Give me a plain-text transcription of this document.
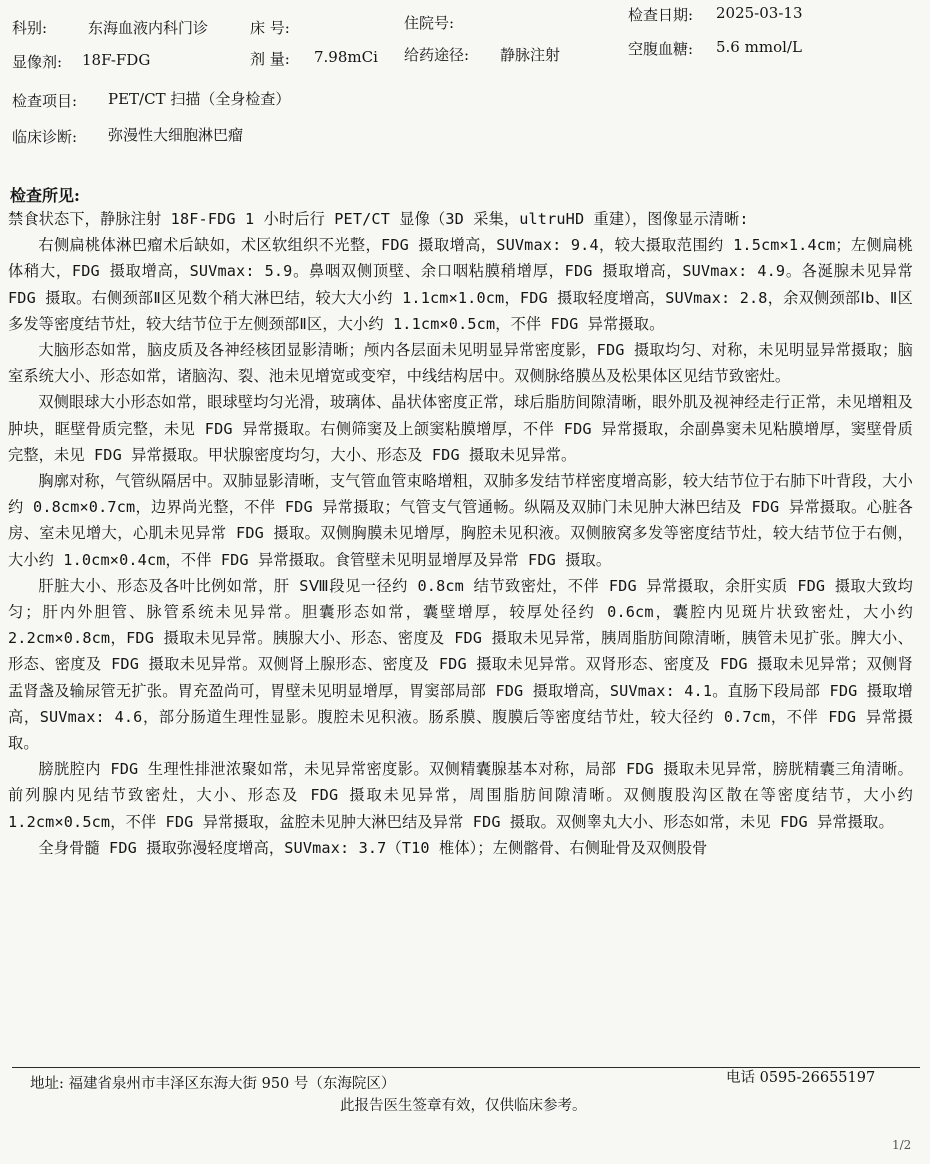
科别:	东海血液内科门诊	床 号:	住院号:	检查日期: 2025-03-13
显像剂: 18F-FDG	剂 量: 7.98mCi 给药途径: 静脉注射	空腹血糖: 5.6 mmol/L
检查项目: PET/CT 扫描（全身检查）
临床诊断: 弥漫性大细胞淋巴瘤
检查所见:

禁食状态下，静脉注射 18F-FDG 1 小时后行 PET/CT 显像（3D 采集，ultruHD 重建），图像显示清晰:

右侧扁桃体淋巴瘤术后缺如，术区软组织不光整，FDG 摄取增高，SUVmax: 9.4，较大摄取范围约 1.5cm×1.4cm；左侧扁桃体稍大，FDG 摄取增高，SUVmax: 5.9。鼻咽双侧顶壁、余口咽粘膜稍增厚，FDG 摄取增高，SUVmax: 4.9。各涎腺未见异常 FDG 摄取。右侧颈部Ⅱ区见数个稍大淋巴结，较大大小约 1.1cm×1.0cm，FDG 摄取轻度增高，SUVmax: 2.8，余双侧颈部Ⅰb、Ⅱ区多发等密度结节灶，较大结节位于左侧颈部Ⅱ区，大小约 1.1cm×0.5cm，不伴 FDG 异常摄取。

大脑形态如常，脑皮质及各神经核团显影清晰；颅内各层面未见明显异常密度影，FDG 摄取均匀、对称，未见明显异常摄取；脑室系统大小、形态如常，诸脑沟、裂、池未见增宽或变窄，中线结构居中。双侧脉络膜丛及松果体区见结节致密灶。

双侧眼球大小形态如常，眼球壁均匀光滑，玻璃体、晶状体密度正常，球后脂肪间隙清晰，眼外肌及视神经走行正常，未见增粗及肿块，眶壁骨质完整，未见 FDG 异常摄取。右侧筛窦及上颌窦粘膜增厚，不伴 FDG 异常摄取，余副鼻窦未见粘膜增厚，窦壁骨质完整，未见 FDG 异常摄取。甲状腺密度均匀，大小、形态及 FDG 摄取未见异常。

胸廓对称，气管纵隔居中。双肺显影清晰，支气管血管束略增粗，双肺多发结节样密度增高影，较大结节位于右肺下叶背段，大小约 0.8cm×0.7cm，边界尚光整，不伴 FDG 异常摄取；气管支气管通畅。纵隔及双肺门未见肿大淋巴结及 FDG 异常摄取。心脏各房、室未见增大，心肌未见异常 FDG 摄取。双侧胸膜未见增厚，胸腔未见积液。双侧腋窝多发等密度结节灶，较大结节位于右侧，大小约 1.0cm×0.4cm，不伴 FDG 异常摄取。食管壁未见明显增厚及异常 FDG 摄取。

肝脏大小、形态及各叶比例如常，肝 SⅧ段见一径约 0.8cm 结节致密灶，不伴 FDG 异常摄取，余肝实质 FDG 摄取大致均匀；肝内外胆管、脉管系统未见异常。胆囊形态如常，囊壁增厚，较厚处径约 0.6cm，囊腔内见斑片状致密灶，大小约 2.2cm×0.8cm，FDG 摄取未见异常。胰腺大小、形态、密度及 FDG 摄取未见异常，胰周脂肪间隙清晰，胰管未见扩张。脾大小、形态、密度及 FDG 摄取未见异常。双侧肾上腺形态、密度及 FDG 摄取未见异常。双肾形态、密度及 FDG 摄取未见异常；双侧肾盂肾盏及输尿管无扩张。胃充盈尚可，胃壁未见明显增厚，胃窦部局部 FDG 摄取增高，SUVmax: 4.1。直肠下段局部 FDG 摄取增高，SUVmax: 4.6，部分肠道生理性显影。腹腔未见积液。肠系膜、腹膜后等密度结节灶，较大径约 0.7cm，不伴 FDG 异常摄取。

膀胱腔内 FDG 生理性排泄浓聚如常，未见异常密度影。双侧精囊腺基本对称，局部 FDG 摄取未见异常，膀胱精囊三角清晰。前列腺内见结节致密灶，大小、形态及 FDG 摄取未见异常，周围脂肪间隙清晰。双侧腹股沟区散在等密度结节，大小约 1.2cm×0.5cm，不伴 FDG 异常摄取，盆腔未见肿大淋巴结及异常 FDG 摄取。双侧睾丸大小、形态如常，未见 FDG 异常摄取。

全身骨髓 FDG 摄取弥漫轻度增高，SUVmax: 3.7（T10 椎体）；左侧髂骨、右侧耻骨及双侧股骨

地址: 福建省泉州市丰泽区东海大街 950 号（东海院区）	电话 0595-26655197
此报告医生签章有效，仅供临床参考。
1/2
